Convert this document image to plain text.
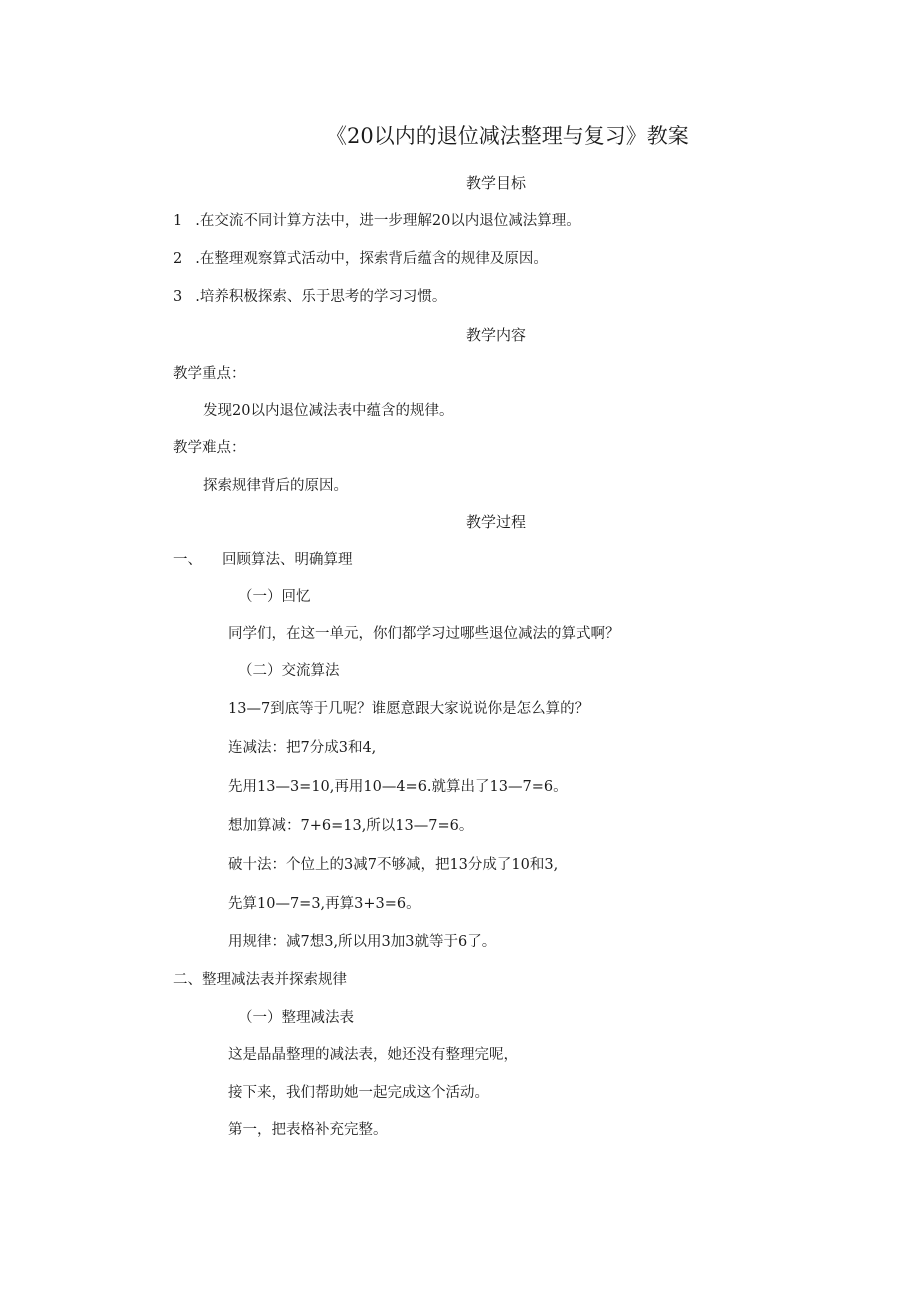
《20以内的退位减法整理与复习》教案
教学目标
1 .在交流不同计算方法中，进一步理解20以内退位减法算理。
2 .在整理观察算式活动中，探索背后蕴含的规律及原因。
3 .培养积极探索、乐于思考的学习习惯。
教学内容
教学重点：
发现20以内退位减法表中蕴含的规律。
教学难点：
探索规律背后的原因。
教学过程
一、 回顾算法、明确算理
（一）回忆
同学们，在这一单元，你们都学习过哪些退位减法的算式啊？
（二）交流算法
13—7到底等于几呢？谁愿意跟大家说说你是怎么算的？
连减法：把7分成3和4,
先用13—3=10,再用10—4=6.就算出了13—7=6。
想加算减：7+6=13,所以13—7=6。
破十法：个位上的3减7不够减，把13分成了10和3,
先算10—7=3,再算3+3=6。
用规律：减7想3,所以用3加3就等于6了。
二、整理减法表并探索规律
（一）整理减法表
这是晶晶整理的减法表，她还没有整理完呢，
接下来，我们帮助她一起完成这个活动。
第一，把表格补充完整。
